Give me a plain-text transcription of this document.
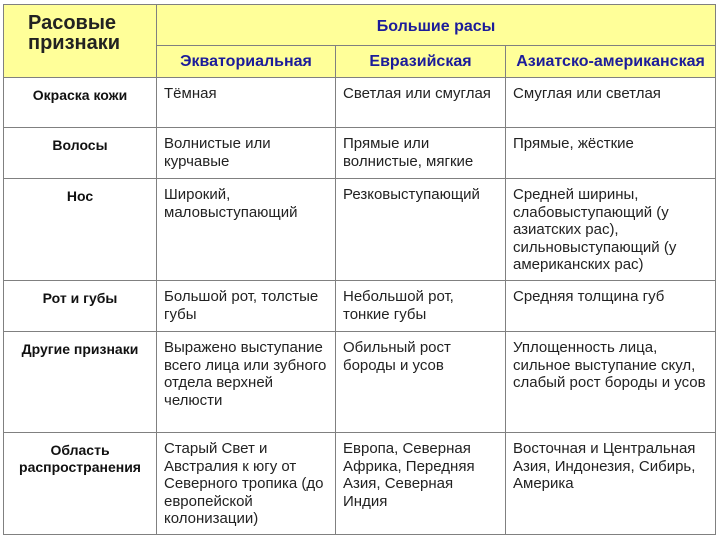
Расовые признаки	Большие расы		
	Экваториальная	Евразийская	Азиатско-американская
Окраска кожи	Тёмная	Светлая или смуглая	Смуглая или светлая
Волосы	Волнистые или курчавые	Прямые или волнистые, мягкие	Прямые, жёсткие
Нос	Широкий, маловыступающий	Резковыступающий	Средней ширины, слабовыступающий (у азиатских рас), сильновыступающий (у американских рас)
Рот и губы	Большой рот, толстые губы	Небольшой рот, тонкие губы	Средняя толщина губ
Другие признаки	Выражено выступание всего лица или зубного отдела верхней челюсти	Обильный рост бороды и усов	Уплощенность лица, сильное выступание скул, слабый рост бороды и усов
Область распространения	Старый Свет и Австралия к югу от Северного тропика (до европейской колонизации)	Европа, Северная Африка, Передняя Азия, Северная Индия	Восточная и Центральная Азия, Индонезия, Сибирь, Америка
